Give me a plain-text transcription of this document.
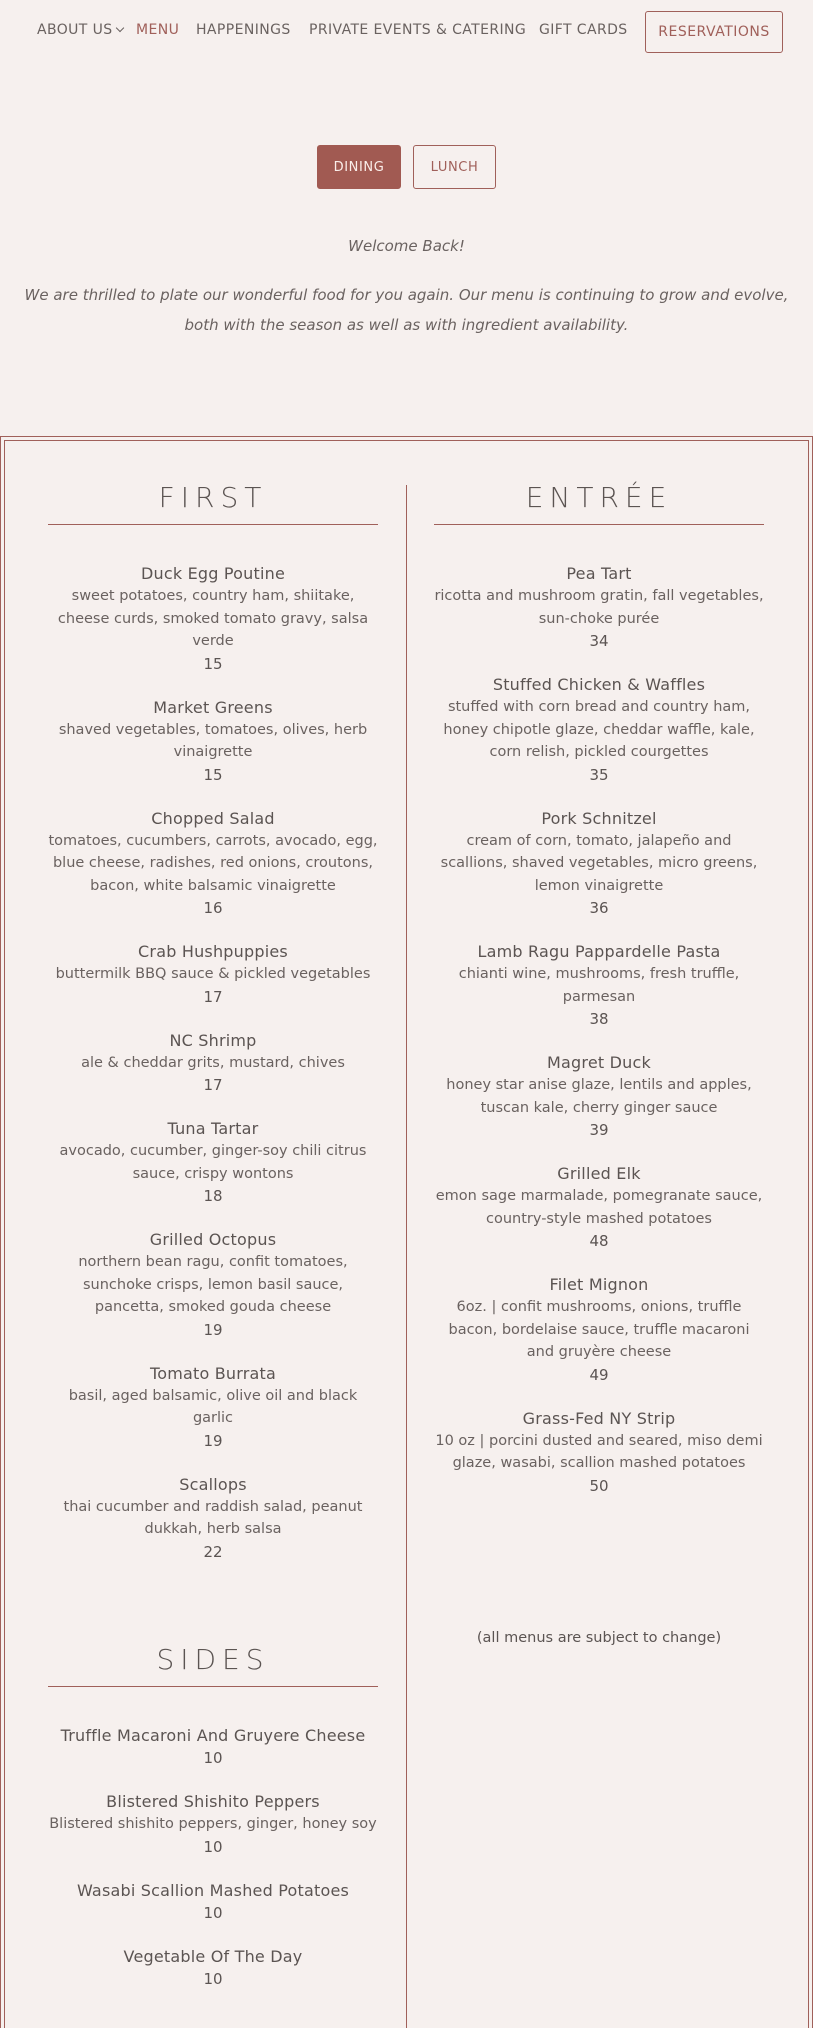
ABOUT US	MENU HAPPENINGS PRIVATE EVENTS & CATERING GIFT CARDS	RESERVATIONS
DINING	LUNCH
Welcome Back!
We are thrilled to plate our wonderful food for you again. Our menu is continuing to grow and evolve, both with the season as well as with ingredient availability.
FIRST
Duck Egg Poutine
sweet potatoes, country ham, shiitake, cheese curds, smoked tomato gravy, salsa verde
15
Market Greens
shaved vegetables, tomatoes, olives, herb vinaigrette
15
Chopped Salad
tomatoes, cucumbers, carrots, avocado, egg, blue cheese, radishes, red onions, croutons, bacon, white balsamic vinaigrette
16
Crab Hushpuppies
buttermilk BBQ sauce & pickled vegetables
17
NC Shrimp
ale & cheddar grits, mustard, chives
17
Tuna Tartar
avocado, cucumber, ginger-soy chili citrus sauce, crispy wontons
18
Grilled Octopus
northern bean ragu, confit tomatoes, sunchoke crisps, lemon basil sauce, pancetta, smoked gouda cheese
19
Tomato Burrata
basil, aged balsamic, olive oil and black garlic
19
Scallops
thai cucumber and raddish salad, peanut dukkah, herb salsa
22
ENTRÉE
Pea Tart
ricotta and mushroom gratin, fall vegetables, sun-choke purée
34
Stuffed Chicken & Waffles
stuffed with corn bread and country ham, honey chipotle glaze, cheddar waffle, kale, corn relish, pickled courgettes
35
Pork Schnitzel
cream of corn, tomato, jalapeño and scallions, shaved vegetables, micro greens, lemon vinaigrette
36
Lamb Ragu Pappardelle Pasta
chianti wine, mushrooms, fresh truffle, parmesan
38
Magret Duck
honey star anise glaze, lentils and apples, tuscan kale, cherry ginger sauce
39
Grilled Elk
emon sage marmalade, pomegranate sauce, country-style mashed potatoes
48
Filet Mignon
6oz. | confit mushrooms, onions, truffle bacon, bordelaise sauce, truffle macaroni and gruyère cheese
49
Grass-Fed NY Strip
10 oz | porcini dusted and seared, miso demi glaze, wasabi, scallion mashed potatoes
50
SIDES
Truffle Macaroni And Gruyere Cheese
10
Blistered Shishito Peppers
Blistered shishito peppers, ginger, honey soy
10
Wasabi Scallion Mashed Potatoes
10
Vegetable Of The Day
10
(all menus are subject to change)
